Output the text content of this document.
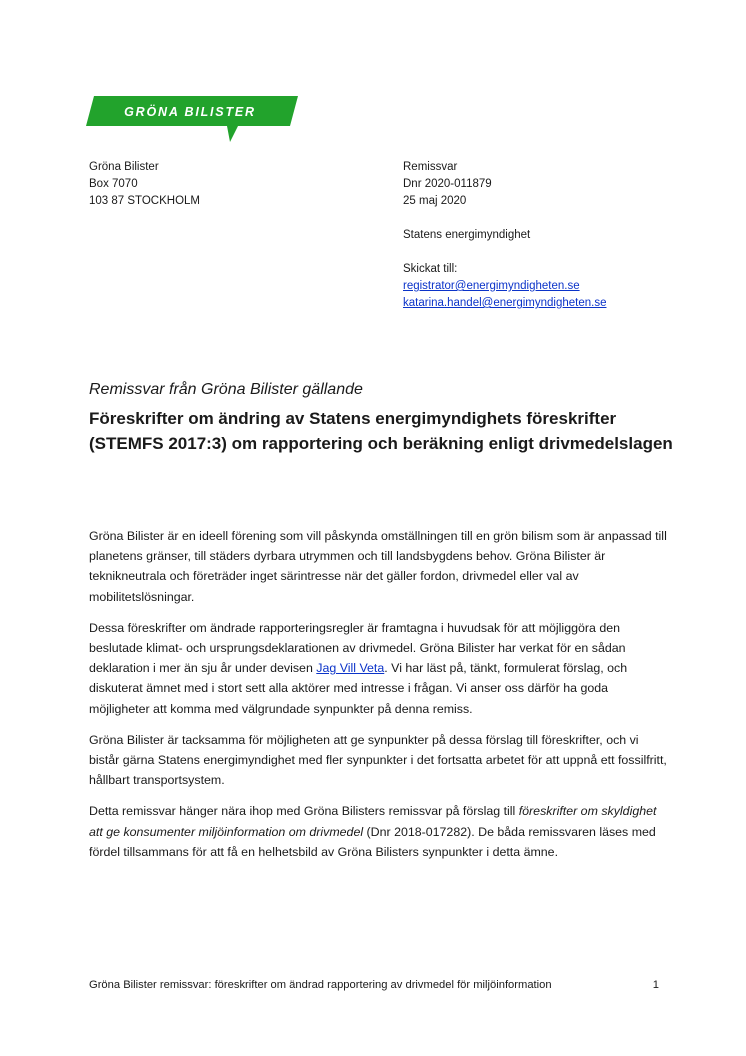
GRÖNA BILISTER
Gröna Bilister
Box 7070
103 87 STOCKHOLM
Remissvar
Dnr 2020-011879
25 maj 2020
Statens energimyndighet
Skickat till:
registrator@energimyndigheten.se
katarina.handel@energimyndigheten.se
Remissvar från Gröna Bilister gällande
Föreskrifter om ändring av Statens energimyndighets föreskrifter (STEMFS 2017:3) om rapportering och beräkning enligt drivmedelslagen

Gröna Bilister är en ideell förening som vill påskynda omställningen till en grön bilism som är anpassad till planetens gränser, till städers dyrbara utrymmen och till landsbygdens behov. Gröna Bilister är teknikneutrala och företräder inget särintresse när det gäller fordon, drivmedel eller val av mobilitetslösningar.

Dessa föreskrifter om ändrade rapporteringsregler är framtagna i huvudsak för att möjliggöra den beslutade klimat- och ursprungsdeklarationen av drivmedel. Gröna Bilister har verkat för en sådan deklaration i mer än sju år under devisen Jag Vill Veta. Vi har läst på, tänkt, formulerat förslag, och diskuterat ämnet med i stort sett alla aktörer med intresse i frågan. Vi anser oss därför ha goda möjligheter att komma med välgrundade synpunkter på denna remiss.

Gröna Bilister är tacksamma för möjligheten att ge synpunkter på dessa förslag till föreskrifter, och vi bistår gärna Statens energimyndighet med fler synpunkter i det fortsatta arbetet för att uppnå ett fossilfritt, hållbart transportsystem.

Detta remissvar hänger nära ihop med Gröna Bilisters remissvar på förslag till föreskrifter om skyldighet att ge konsumenter miljöinformation om drivmedel (Dnr 2018-017282). De båda remissvaren läses med fördel tillsammans för att få en helhetsbild av Gröna Bilisters synpunkter i detta ämne.

Gröna Bilister remissvar: föreskrifter om ändrad rapportering av drivmedel för miljöinformation	1
